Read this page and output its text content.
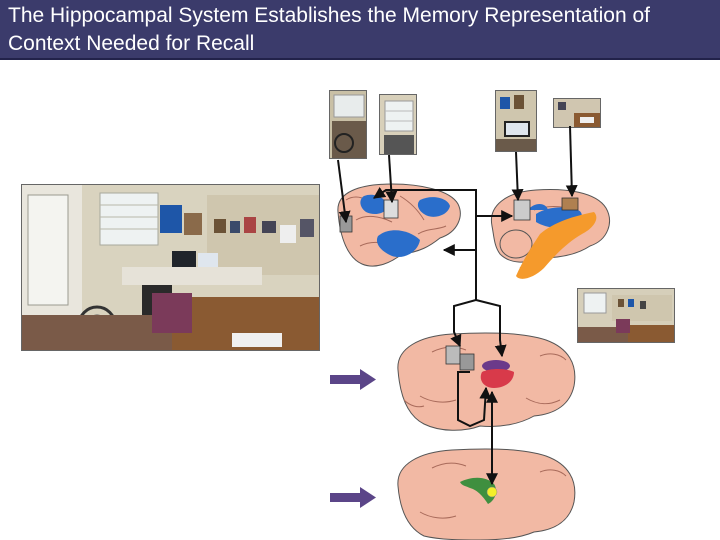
The Hippocampal System Establishes the Memory Representation of Context Needed for Recall
